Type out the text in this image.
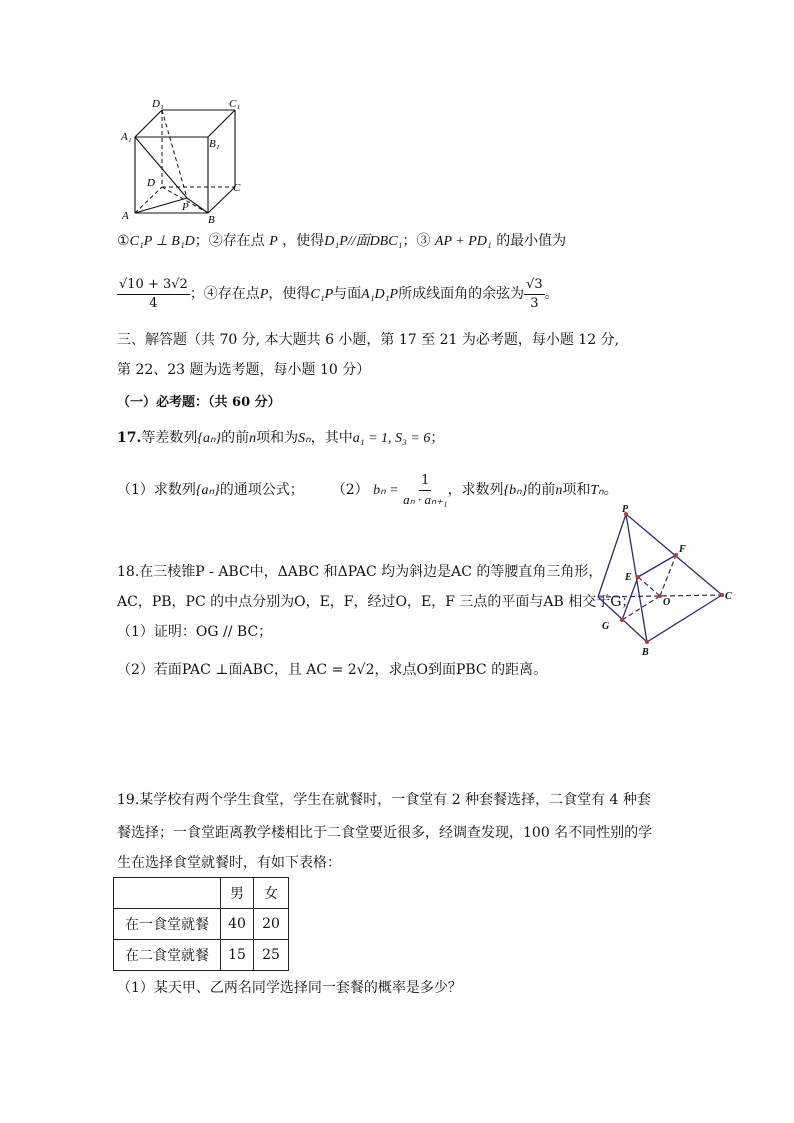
D₁	C₁
A₁
B₁
D	C
A	B
P
①C₁P ⊥ B₁D；②存在点 P ，使得D₁P//面DBC₁；③ AP + PD₁ 的最小值为
$\frac{√10 + 3√2}{4}$ ；④存在点P，使得C₁P与面A₁D₁P所成线面角的余弦为 $\frac{√3}{3}$ 。
三、解答题（共 70 分, 本大题共 6 小题，第 17 至 21 为必考题，每小题 12 分,
第 22、23 题为选考题，每小题 10 分）
（一）必考题：（共 60 分）
17.等差数列{aₙ}的前n项和为Sₙ，其中a₁ = 1, S₃ = 6；
（1）求数列{aₙ}的通项公式； （2） $b_n = \frac{1}{\text{aₙ · aₙ₊₁}}$ ，求数列{bₙ}的前n项和Tₙ。
18.在三棱锥P - ABC中，ΔABC 和ΔPAC 均为斜边是AC 的等腰直角三角形，
AC，PB，PC 的中点分别为O，E，F，经过O，E，F 三点的平面与AB 相交于G；
（1）证明：OG // BC；
（2）若面PAC ⊥面ABC，且 AC = 2√2，求点O到面PBC 的距离。
P
F
E
O
C
G
B
19.某学校有两个学生食堂，学生在就餐时，一食堂有 2 种套餐选择，二食堂有 4 种套
餐选择；一食堂距离教学楼相比于二食堂要近很多，经调查发现，100 名不同性别的学
生在选择食堂就餐时，有如下表格：
	男	女
在一食堂就餐	40	20
在二食堂就餐	15	25
（1）某天甲、乙两名同学选择同一套餐的概率是多少？
